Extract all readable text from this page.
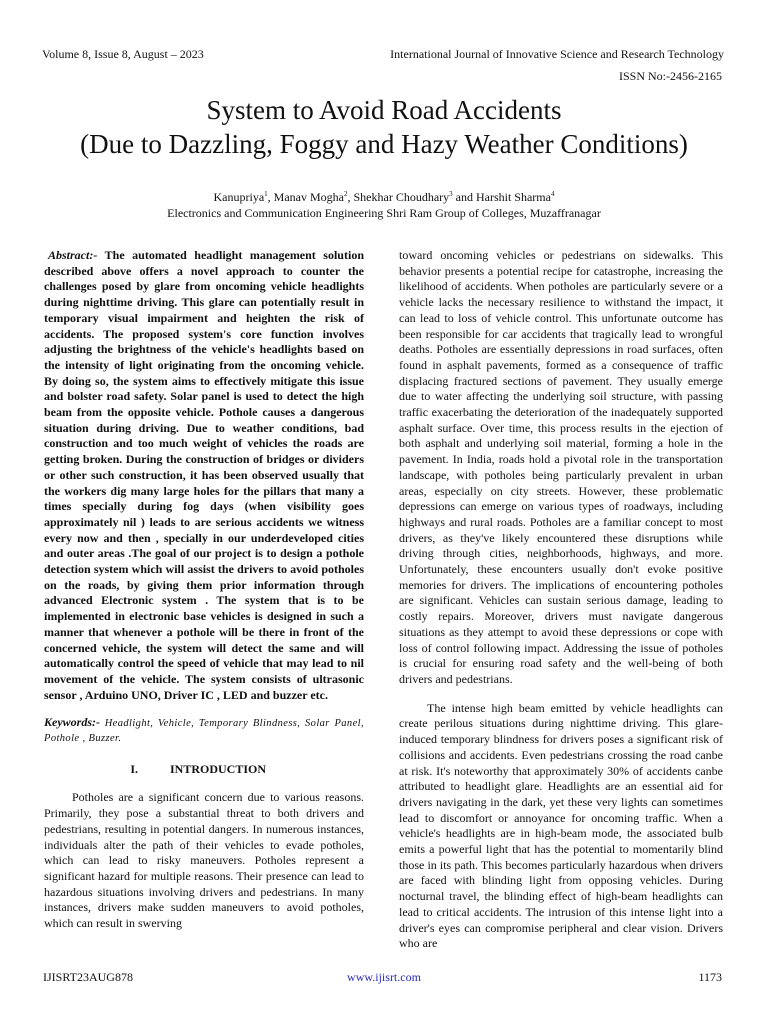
Volume 8, Issue 8, August – 2023	International Journal of Innovative Science and Research Technology
ISSN No:-2456-2165
System to Avoid Road Accidents
(Due to Dazzling, Foggy and Hazy Weather Conditions)
Kanupriya$^1$, Manav Mogha$^2$, Shekhar Choudhary$^3$ and Harshit Sharma$^4$
Electronics and Communication Engineering Shri Ram Group of Colleges, Muzaffranagar

Abstract:- The automated headlight management solution described above offers a novel approach to counter the challenges posed by glare from oncoming vehicle headlights during nighttime driving. This glare can potentially result in temporary visual impairment and heighten the risk of accidents. The proposed system's core function involves adjusting the brightness of the vehicle's headlights based on the intensity of light originating from the oncoming vehicle. By doing so, the system aims to effectively mitigate this issue and bolster road safety. Solar panel is used to detect the high beam from the opposite vehicle. Pothole causes a dangerous situation during driving. Due to weather conditions, bad construction and too much weight of vehicles the roads are getting broken. During the construction of bridges or dividers or other such construction, it has been observed usually that the workers dig many large holes for the pillars that many a times specially during fog days (when visibility goes approximately nil ) leads to are serious accidents we witness every now and then , specially in our underdeveloped cities and outer areas .The goal of our project is to design a pothole detection system which will assist the drivers to avoid potholes on the roads, by giving them prior information through advanced Electronic system . The system that is to be implemented in electronic base vehicles is designed in such a manner that whenever a pothole will be there in front of the concerned vehicle, the system will detect the same and will automatically control the speed of vehicle that may lead to nil movement of the vehicle. The system consists of ultrasonic sensor , Arduino UNO, Driver IC , LED and buzzer etc.

Keywords:- Headlight, Vehicle, Temporary Blindness, Solar Panel, Pothole , Buzzer.

I.	INTRODUCTION

Potholes are a significant concern due to various reasons. Primarily, they pose a substantial threat to both drivers and pedestrians, resulting in potential dangers. In numerous instances, individuals alter the path of their vehicles to evade potholes, which can lead to risky maneuvers. Potholes represent a significant hazard for multiple reasons. Their presence can lead to hazardous situations involving drivers and pedestrians. In many instances, drivers make sudden maneuvers to avoid potholes, which can result in swerving

toward oncoming vehicles or pedestrians on sidewalks. This behavior presents a potential recipe for catastrophe, increasing the likelihood of accidents. When potholes are particularly severe or a vehicle lacks the necessary resilience to withstand the impact, it can lead to loss of vehicle control. This unfortunate outcome has been responsible for car accidents that tragically lead to wrongful deaths. Potholes are essentially depressions in road surfaces, often found in asphalt pavements, formed as a consequence of traffic displacing fractured sections of pavement. They usually emerge due to water affecting the underlying soil structure, with passing traffic exacerbating the deterioration of the inadequately supported asphalt surface. Over time, this process results in the ejection of both asphalt and underlying soil material, forming a hole in the pavement. In India, roads hold a pivotal role in the transportation landscape, with potholes being particularly prevalent in urban areas, especially on city streets. However, these problematic depressions can emerge on various types of roadways, including highways and rural roads. Potholes are a familiar concept to most drivers, as they've likely encountered these disruptions while driving through cities, neighborhoods, highways, and more. Unfortunately, these encounters usually don't evoke positive memories for drivers. The implications of encountering potholes are significant. Vehicles can sustain serious damage, leading to costly repairs. Moreover, drivers must navigate dangerous situations as they attempt to avoid these depressions or cope with loss of control following impact. Addressing the issue of potholes is crucial for ensuring road safety and the well-being of both drivers and pedestrians.

The intense high beam emitted by vehicle headlights can create perilous situations during nighttime driving. This glare-induced temporary blindness for drivers poses a significant risk of collisions and accidents. Even pedestrians crossing the road canbe at risk. It's noteworthy that approximately 30% of accidents canbe attributed to headlight glare. Headlights are an essential aid for drivers navigating in the dark, yet these very lights can sometimes lead to discomfort or annoyance for oncoming traffic. When a vehicle's headlights are in high-beam mode, the associated bulb emits a powerful light that has the potential to momentarily blind those in its path. This becomes particularly hazardous when drivers are faced with blinding light from opposing vehicles. During nocturnal travel, the blinding effect of high-beam headlights can lead to critical accidents. The intrusion of this intense light into a driver's eyes can compromise peripheral and clear vision. Drivers who are

IJISRT23AUG878	www.ijisrt.com	1173
